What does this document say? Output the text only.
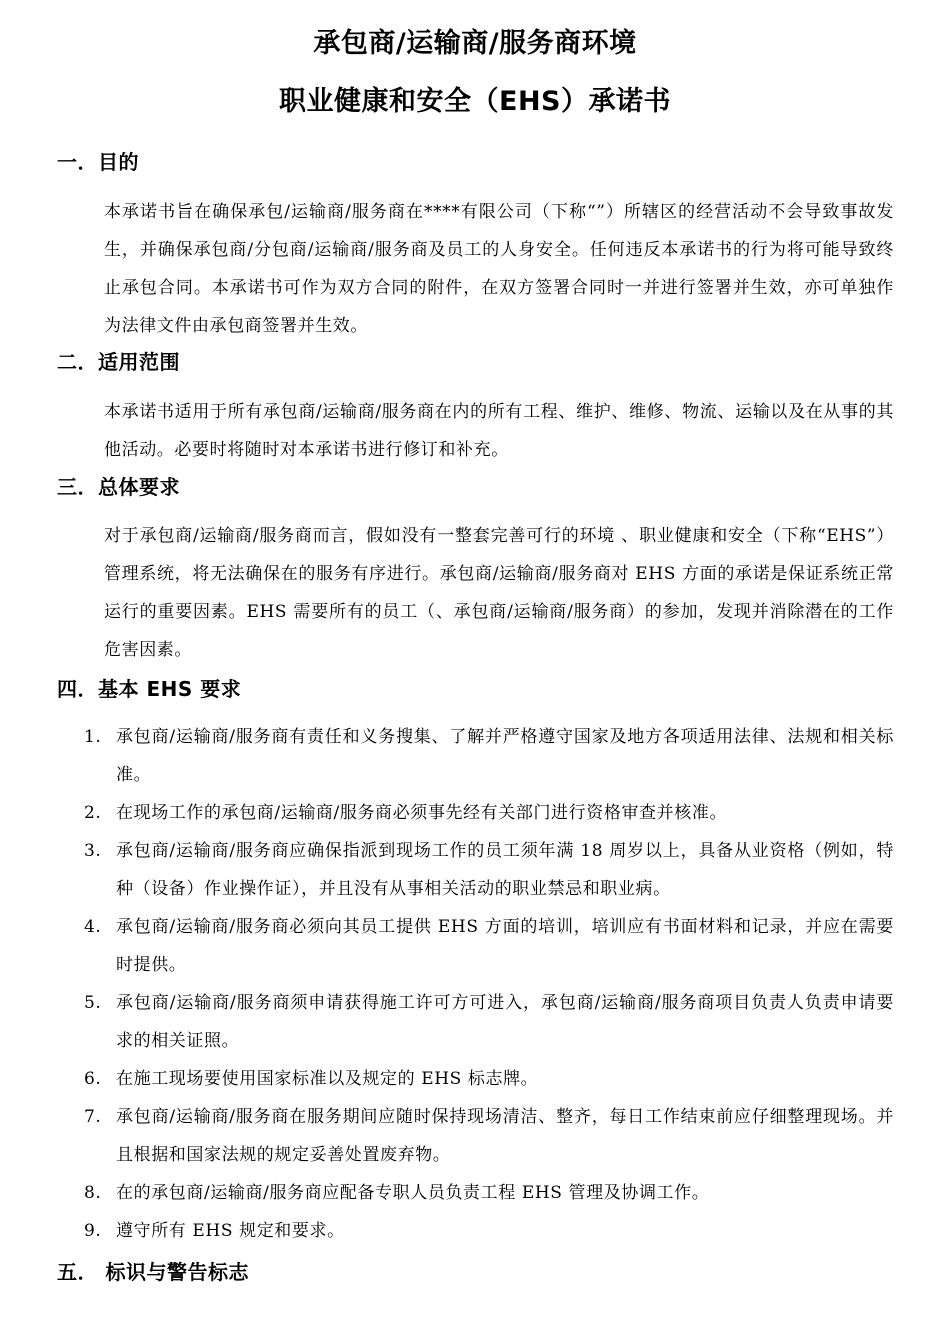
承包商/运输商/服务商环境
职业健康和安全（EHS）承诺书
一．目的

本承诺书旨在确保承包/运输商/服务商在****有限公司（下称“”）所辖区的经营活动不会导致事故发生，并确保承包商/分包商/运输商/服务商及员工的人身安全。任何违反本承诺书的行为将可能导致终止承包合同。本承诺书可作为双方合同的附件，在双方签署合同时一并进行签署并生效，亦可单独作为法律文件由承包商签署并生效。

二．适用范围

本承诺书适用于所有承包商/运输商/服务商在内的所有工程、维护、维修、物流、运输以及在从事的其他活动。必要时将随时对本承诺书进行修订和补充。

三．总体要求

对于承包商/运输商/服务商而言，假如没有一整套完善可行的环境 、职业健康和安全（下称“EHS”）管理系统，将无法确保在的服务有序进行。承包商/运输商/服务商对 EHS 方面的承诺是保证系统正常运行的重要因素。EHS 需要所有的员工（、承包商/运输商/服务商）的参加，发现并消除潜在的工作危害因素。

四．基本 EHS 要求
1. 承包商/运输商/服务商有责任和义务搜集、了解并严格遵守国家及地方各项适用法律、法规和相关标准。
2. 在现场工作的承包商/运输商/服务商必须事先经有关部门进行资格审查并核准。
3. 承包商/运输商/服务商应确保指派到现场工作的员工须年满 18 周岁以上，具备从业资格（例如，特种（设备）作业操作证），并且没有从事相关活动的职业禁忌和职业病。
4. 承包商/运输商/服务商必须向其员工提供 EHS 方面的培训，培训应有书面材料和记录，并应在需要时提供。
5. 承包商/运输商/服务商须申请获得施工许可方可进入，承包商/运输商/服务商项目负责人负责申请要求的相关证照。
6. 在施工现场要使用国家标准以及规定的 EHS 标志牌。
7. 承包商/运输商/服务商在服务期间应随时保持现场清洁、整齐，每日工作结束前应仔细整理现场。并且根据和国家法规的规定妥善处置废弃物。
8. 在的承包商/运输商/服务商应配备专职人员负责工程 EHS 管理及协调工作。
9. 遵守所有 EHS 规定和要求。
五． 标识与警告标志
